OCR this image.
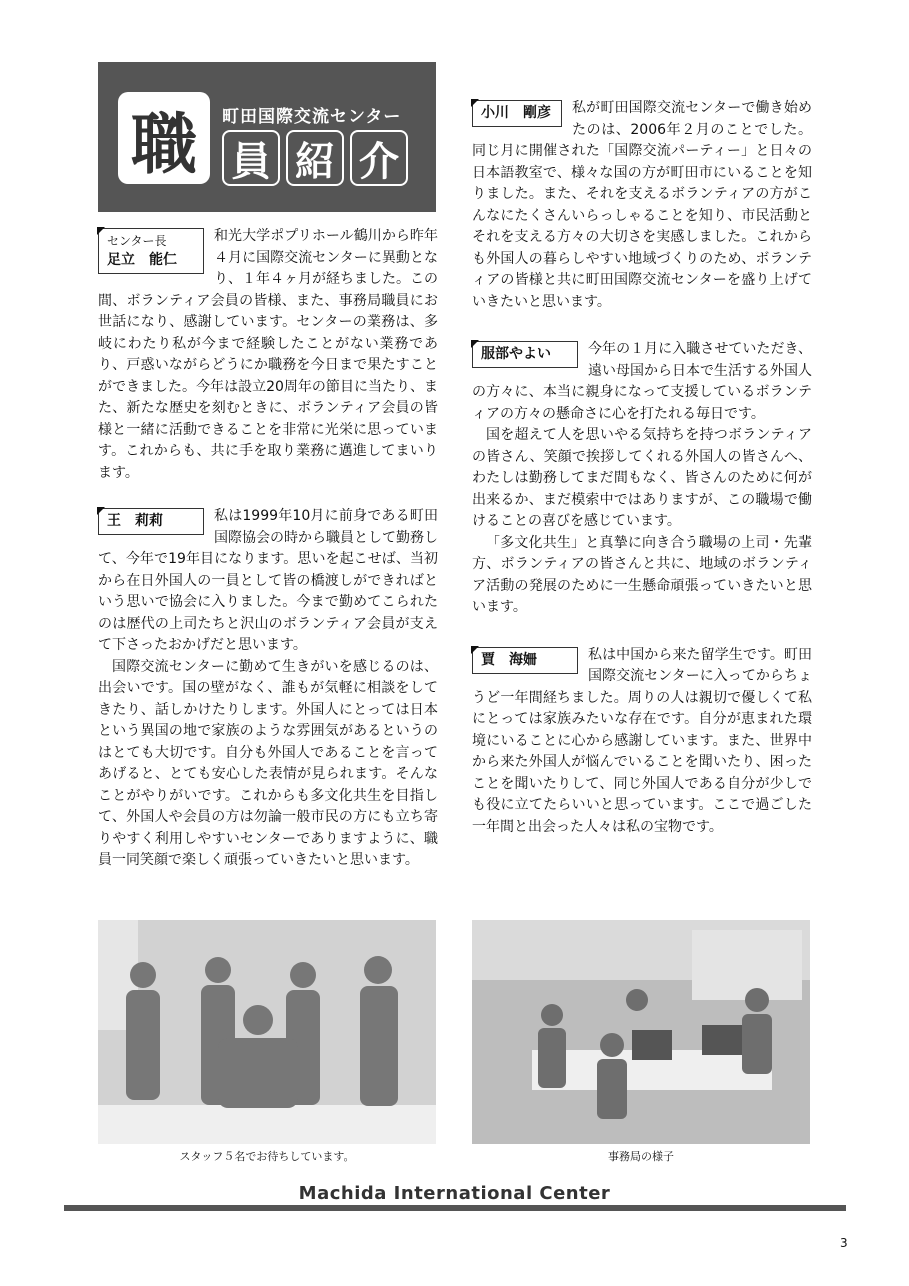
職	町田国際交流センター
員 紹 介
センター長
足立　能仁

和光大学ポプリホール鶴川から昨年４月に国際交流センターに異動となり、１年４ヶ月が経ちました。この間、ボランティア会員の皆様、また、事務局職員にお世話になり、感謝しています。センターの業務は、多岐にわたり私が今まで経験したことがない業務であり、戸惑いながらどうにか職務を今日まで果たすことができました。今年は設立20周年の節目に当たり、また、新たな歴史を刻むときに、ボランティア会員の皆様と一緒に活動できることを非常に光栄に思っています。これからも、共に手を取り業務に邁進してまいります。

王　莉莉	私は1999年10月に前身である町田国際協会の時から職員として勤務して、今年で19年目になります。思いを起こせば、当初から在日外国人の一員として皆の橋渡しができればという思いで協会に入りました。今まで勤めてこられたのは歴代の上司たちと沢山のボランティア会員が支えて下さったおかげだと思います。

国際交流センターに勤めて生きがいを感じるのは、出会いです。国の壁がなく、誰もが気軽に相談をしてきたり、話しかけたりします。外国人にとっては日本という異国の地で家族のような雰囲気があるというのはとても大切です。自分も外国人であることを言ってあげると、とても安心した表情が見られます。そんなことがやりがいです。これからも多文化共生を目指して、外国人や会員の方は勿論一般市民の方にも立ち寄りやすく利用しやすいセンターでありますように、職員一同笑顔で楽しく頑張っていきたいと思います。

小川　剛彦	私が町田国際交流センターで働き始めたのは、2006年２月のことでした。同じ月に開催された「国際交流パーティー」と日々の日本語教室で、様々な国の方が町田市にいることを知りました。また、それを支えるボランティアの方がこんなにたくさんいらっしゃることを知り、市民活動とそれを支える方々の大切さを実感しました。これからも外国人の暮らしやすい地域づくりのため、ボランティアの皆様と共に町田国際交流センターを盛り上げていきたいと思います。

服部やよい	今年の１月に入職させていただき、遠い母国から日本で生活する外国人の方々に、本当に親身になって支援しているボランティアの方々の懸命さに心を打たれる毎日です。

国を超えて人を思いやる気持ちを持つボランティアの皆さん、笑顔で挨拶してくれる外国人の皆さんへ、わたしは勤務してまだ間もなく、皆さんのために何が出来るか、まだ模索中ではありますが、この職場で働けることの喜びを感じています。

「多文化共生」と真摯に向き合う職場の上司・先輩方、ボランティアの皆さんと共に、地域のボランティア活動の発展のために一生懸命頑張っていきたいと思います。

賈　海姍	私は中国から来た留学生です。町田国際交流センターに入ってからちょうど一年間経ちました。周りの人は親切で優しくて私にとっては家族みたいな存在です。自分が恵まれた環境にいることに心から感謝しています。また、世界中から来た外国人が悩んでいることを聞いたり、困ったことを聞いたりして、同じ外国人である自分が少しでも役に立てたらいいと思っています。ここで過ごした一年間と出会った人々は私の宝物です。

スタッフ５名でお待ちしています。	事務局の様子
Machida International Center
3
